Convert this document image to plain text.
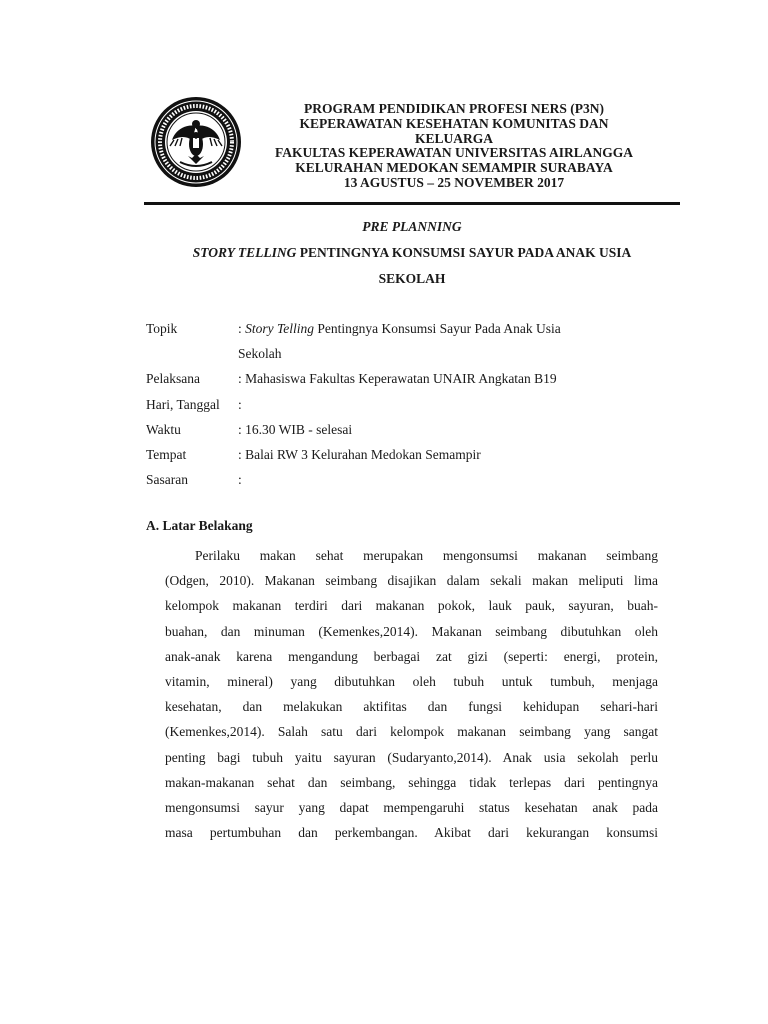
PROGRAM PENDIDIKAN PROFESI NERS (P3N)
KEPERAWATAN KESEHATAN KOMUNITAS DAN
KELUARGA
FAKULTAS KEPERAWATAN UNIVERSITAS AIRLANGGA
KELURAHAN MEDOKAN SEMAMPIR SURABAYA
13 AGUSTUS – 25 NOVEMBER 2017
PRE PLANNING
STORY TELLING PENTINGNYA KONSUMSI SAYUR PADA ANAK USIA
SEKOLAH
Topik	: Story Telling Pentingnya Konsumsi Sayur Pada Anak Usia
Sekolah
Pelaksana	: Mahasiswa Fakultas Keperawatan UNAIR Angkatan B19
Hari, Tanggal	:
Waktu	: 16.30 WIB - selesai
Tempat	: Balai RW 3 Kelurahan Medokan Semampir
Sasaran	:
A. Latar Belakang
Perilaku makan sehat merupakan mengonsumsi makanan seimbang
(Odgen, 2010). Makanan seimbang disajikan dalam sekali makan meliputi lima
kelompok makanan terdiri dari makanan pokok, lauk pauk, sayuran, buah-
buahan, dan minuman (Kemenkes,2014). Makanan seimbang dibutuhkan oleh
anak-anak karena mengandung berbagai zat gizi (seperti: energi, protein,
vitamin, mineral) yang dibutuhkan oleh tubuh untuk tumbuh, menjaga
kesehatan, dan melakukan aktifitas dan fungsi kehidupan sehari-hari
(Kemenkes,2014). Salah satu dari kelompok makanan seimbang yang sangat
penting bagi tubuh yaitu sayuran (Sudaryanto,2014). Anak usia sekolah perlu
makan-makanan sehat dan seimbang, sehingga tidak terlepas dari pentingnya
mengonsumsi sayur yang dapat mempengaruhi status kesehatan anak pada
masa pertumbuhan dan perkembangan. Akibat dari kekurangan konsumsi
